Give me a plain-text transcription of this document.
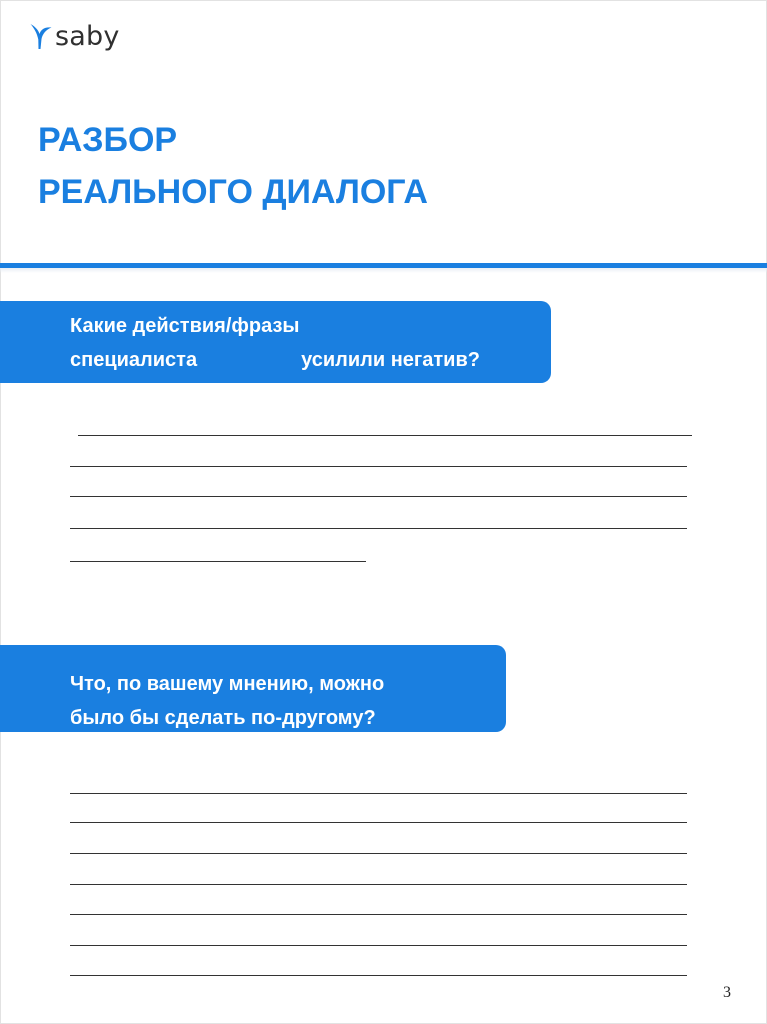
saby
РАЗБОР
РЕАЛЬНОГО ДИАЛОГА
Какие действия/фразы
специалиста	усилили негатив?
Что, по вашему мнению, можно
было бы сделать по-другому?
3
